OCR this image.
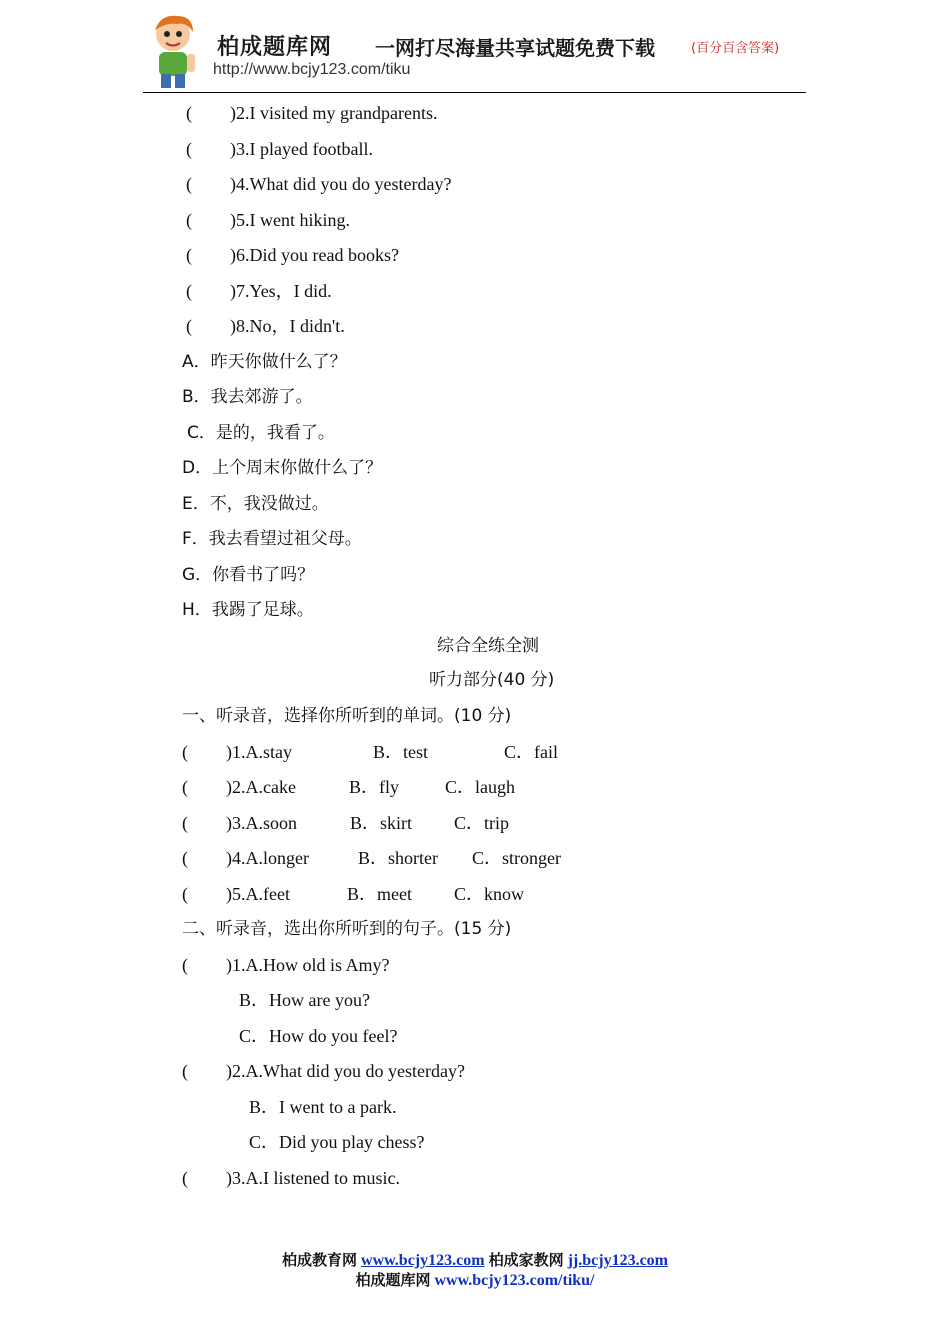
柏成题库网 一网打尽海量共享试题免费下载	(百分百含答案)
http://www.bcjy123.com/tiku
( )2.I visited my grandparents.
( )3.I played football.
( )4.What did you do yesterday?
( )5.I went hiking.
( )6.Did you read books?
( )7.Yes，I did.
( )8.No，I didn't.
A．昨天你做什么了？
B．我去郊游了。
C．是的，我看了。
D．上个周末你做什么了？
E．不，我没做过。
F．我去看望过祖父母。
G．你看书了吗？
H．我踢了足球。
综合全练全测
听力部分(40 分)
一、听录音，选择你所听到的单词。(10 分)
( )1.A.stay	B．test	C．fail
( )2.A.cake	B．fly	C．laugh
( )3.A.soon	B．skirt C．trip
( )4.A.longer	B．shorter C．stronger
( )5.A.feet	B．meet C．know
二、听录音，选出你所听到的句子。(15 分)
( )1.A.How old is Amy?
B．How are you?
C．How do you feel?
( )2.A.What did you do yesterday?
B．I went to a park.
C．Did you play chess?
( )3.A.I listened to music.
柏成教育网 www.bcjy123.com 柏成家教网 jj.bcjy123.com
柏成题库网 www.bcjy123.com/tiku/
